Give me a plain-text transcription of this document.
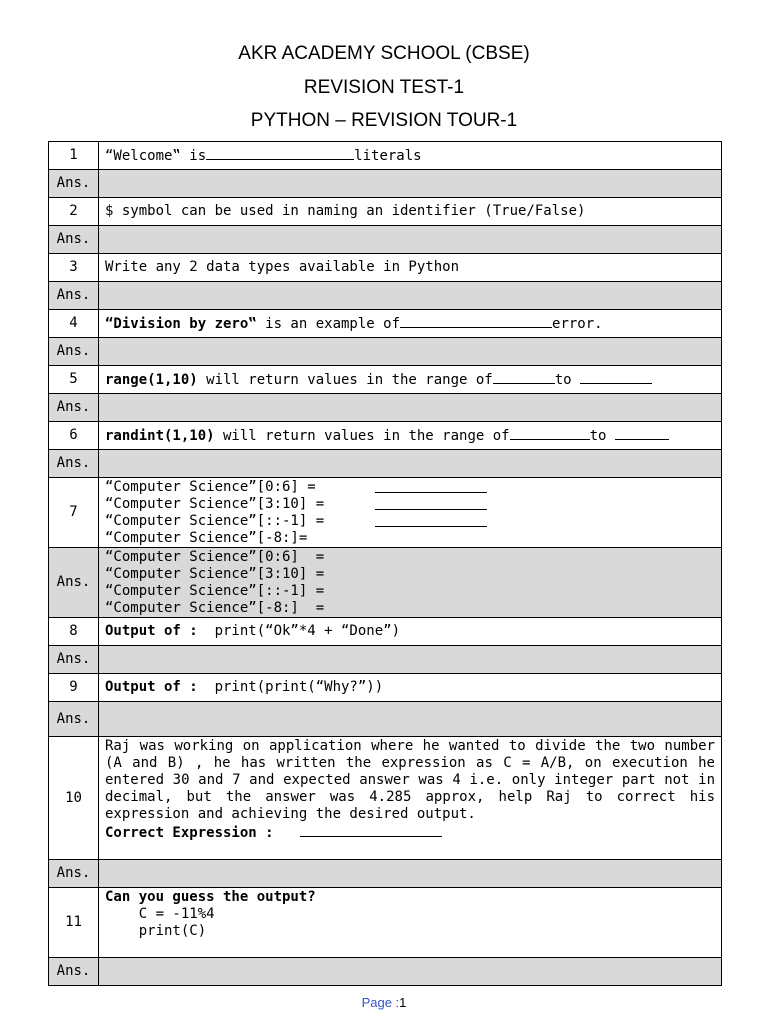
AKR ACADEMY SCHOOL (CBSE)
REVISION TEST-1
PYTHON – REVISION TOUR-1
1	“Welcome‟ is literals
Ans.	
2	$ symbol can be used in naming an identifier (True/False)
Ans.	
3	Write any 2 data types available in Python
Ans.	
4	“Division by zero‟ is an example of error.
Ans.	
5	range(1,10) will return values in the range of to
Ans.	
6	randint(1,10) will return values in the range of to
Ans.	
7	“Computer Science”[0:6] =
“Computer Science”[3:10] =
“Computer Science”[::-1] =
“Computer Science”[-8:]=

Ans.	“Computer Science”[0:6]  =
“Computer Science”[3:10] =
“Computer Science”[::-1] =
“Computer Science”[-8:]  =

8	Output of :  print(“Ok”*4 + “Done”)
Ans.	
9	Output of :  print(print(“Why?”))
Ans.	
10	Raj was working on application where he wanted to divide the two number (A and B) , he has written the expression as C = A/B, on execution he entered 30 and 7 and expected answer was 4 i.e. only integer part not in decimal, but the answer was 4.285 approx, help Raj to correct his expression and achieving the desired output.
Correct Expression :

Ans.	
11	Can you guess the output?
C = -11%4
print(C)

Ans.	
Page :1
